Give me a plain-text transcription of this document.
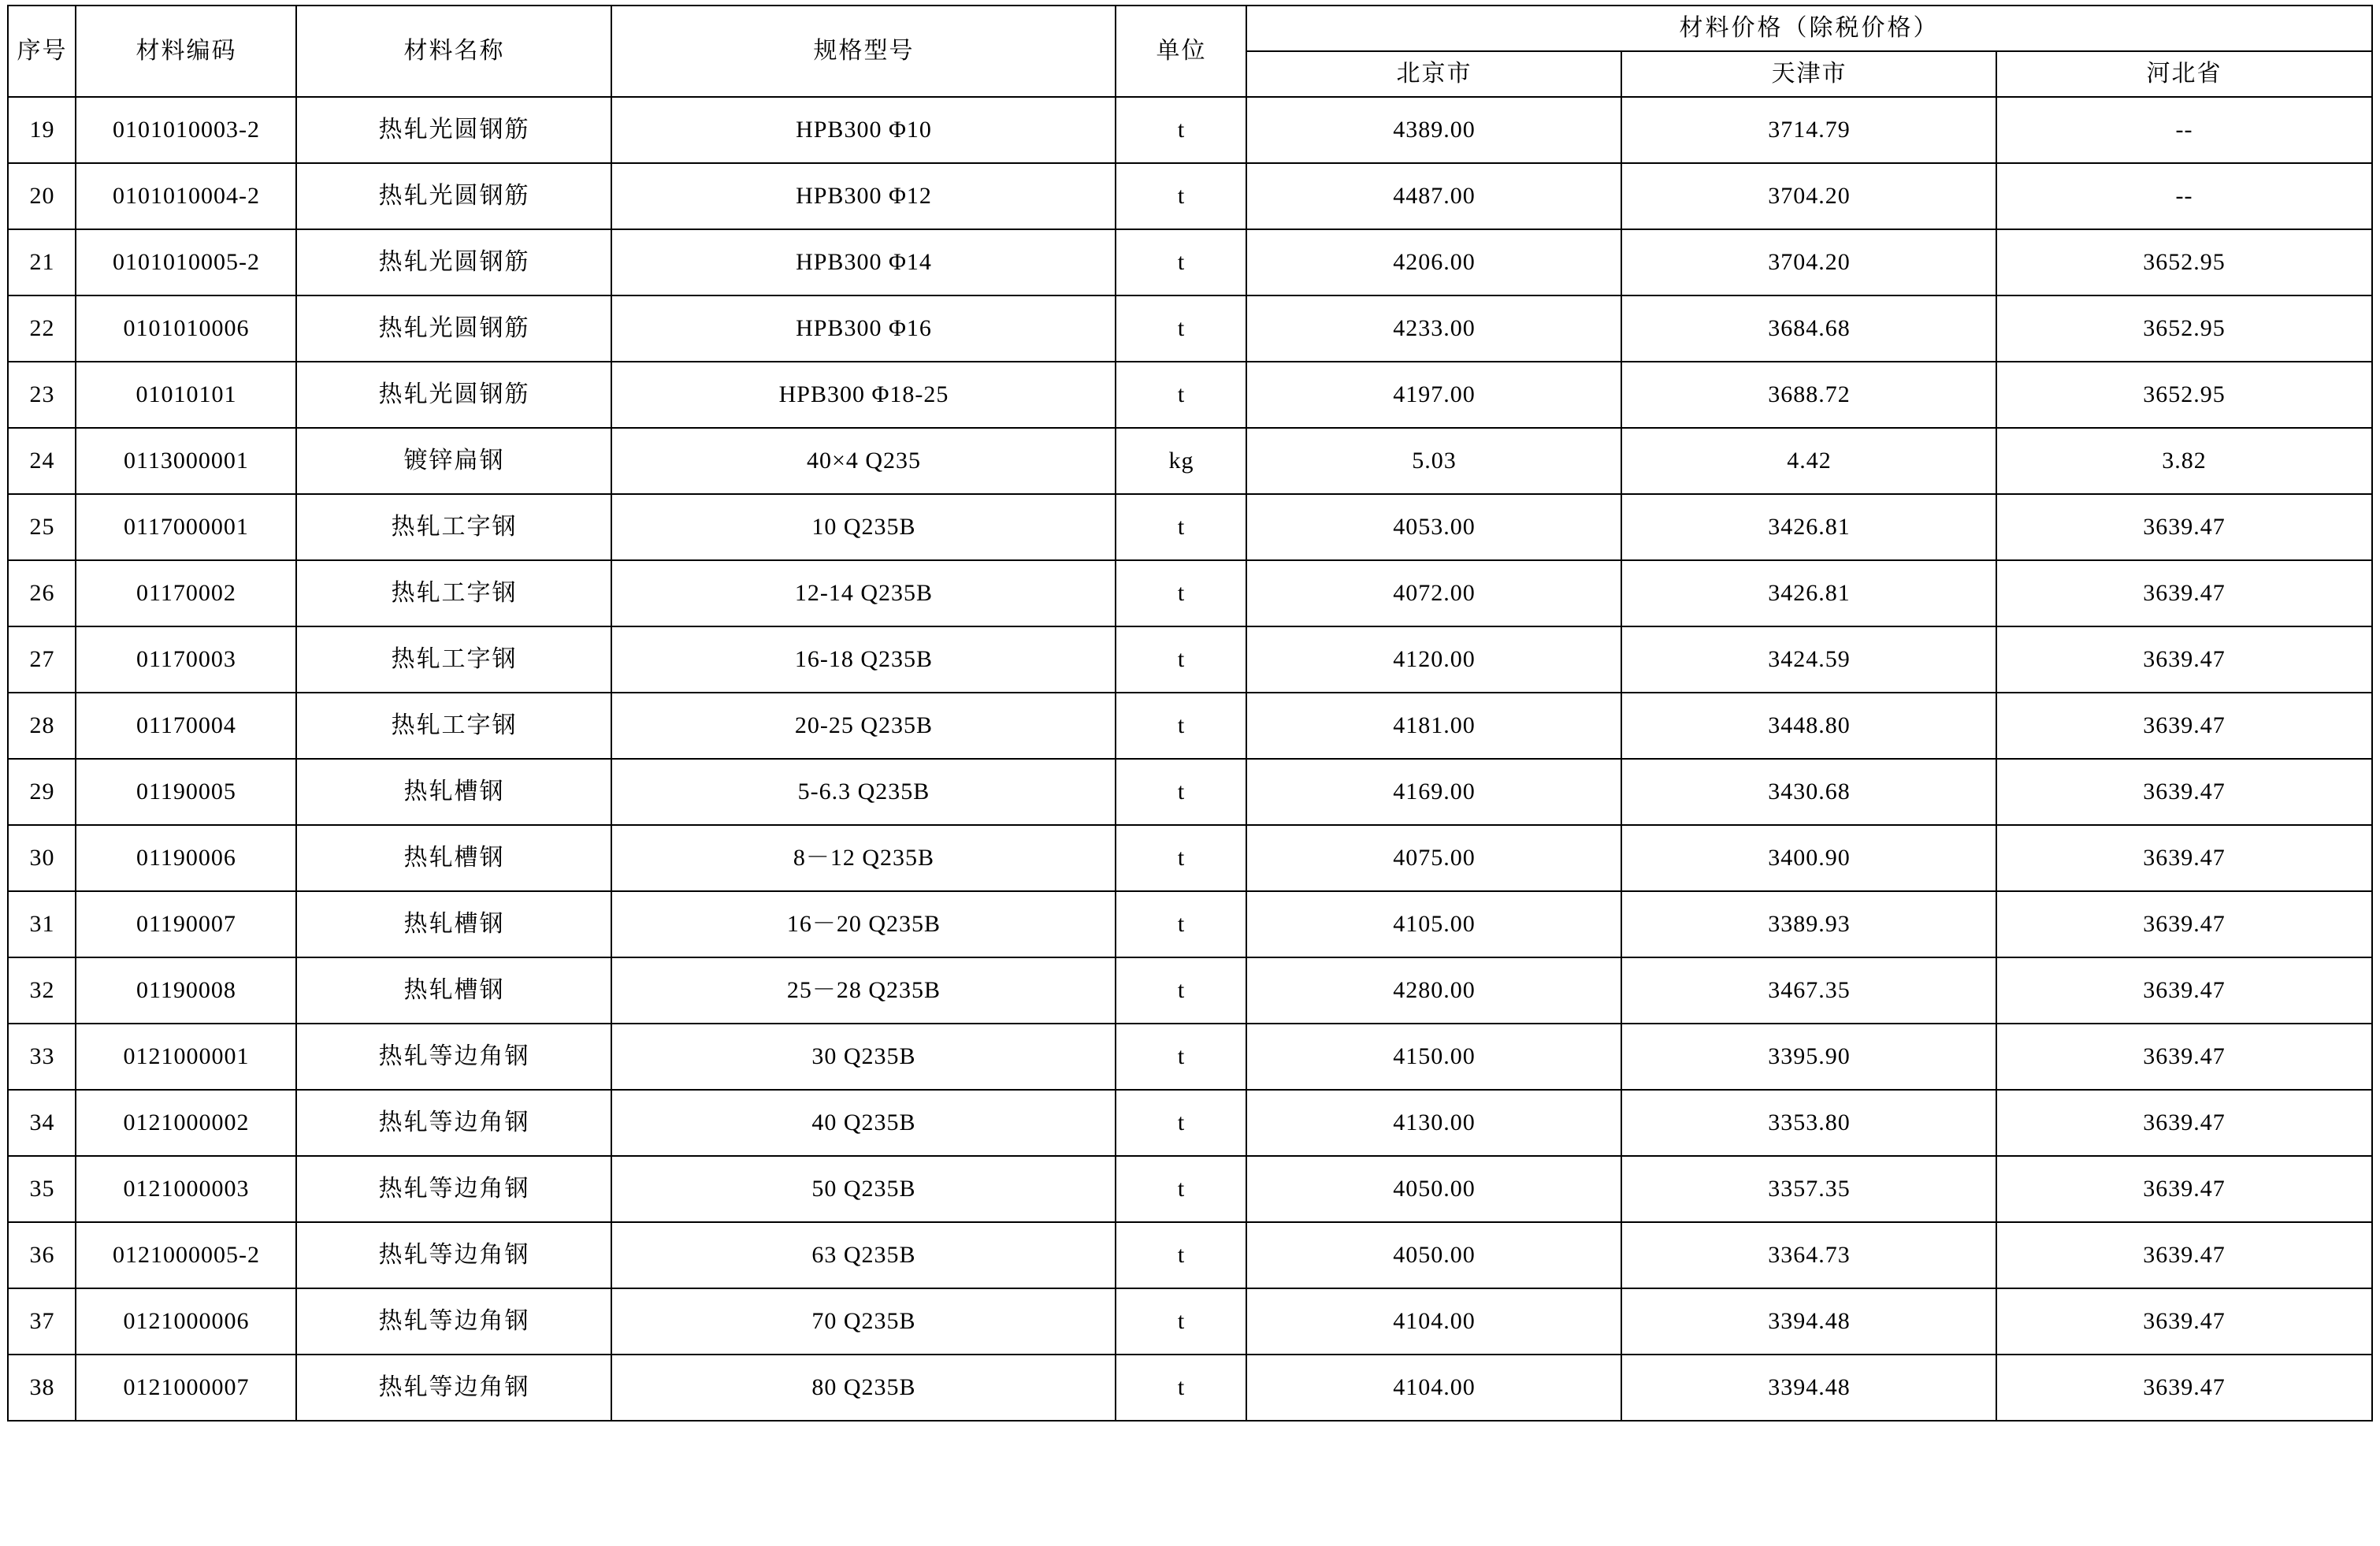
序号	材料编码	材料名称	规格型号	单位	材料价格（除税价格）		
					北京市	天津市	河北省
19	0101010003-2	热轧光圆钢筋	HPB300 Φ10	t	4389.00	3714.79	--
20	0101010004-2	热轧光圆钢筋	HPB300 Φ12	t	4487.00	3704.20	--
21	0101010005-2	热轧光圆钢筋	HPB300 Φ14	t	4206.00	3704.20	3652.95
22	0101010006	热轧光圆钢筋	HPB300 Φ16	t	4233.00	3684.68	3652.95
23	01010101	热轧光圆钢筋	HPB300 Φ18-25	t	4197.00	3688.72	3652.95
24	0113000001	镀锌扁钢	40×4 Q235	kg	5.03	4.42	3.82
25	0117000001	热轧工字钢	10 Q235B	t	4053.00	3426.81	3639.47
26	01170002	热轧工字钢	12-14 Q235B	t	4072.00	3426.81	3639.47
27	01170003	热轧工字钢	16-18 Q235B	t	4120.00	3424.59	3639.47
28	01170004	热轧工字钢	20-25 Q235B	t	4181.00	3448.80	3639.47
29	01190005	热轧槽钢	5-6.3 Q235B	t	4169.00	3430.68	3639.47
30	01190006	热轧槽钢	8－12 Q235B	t	4075.00	3400.90	3639.47
31	01190007	热轧槽钢	16－20 Q235B	t	4105.00	3389.93	3639.47
32	01190008	热轧槽钢	25－28 Q235B	t	4280.00	3467.35	3639.47
33	0121000001	热轧等边角钢	30 Q235B	t	4150.00	3395.90	3639.47
34	0121000002	热轧等边角钢	40 Q235B	t	4130.00	3353.80	3639.47
35	0121000003	热轧等边角钢	50 Q235B	t	4050.00	3357.35	3639.47
36	0121000005-2	热轧等边角钢	63 Q235B	t	4050.00	3364.73	3639.47
37	0121000006	热轧等边角钢	70 Q235B	t	4104.00	3394.48	3639.47
38	0121000007	热轧等边角钢	80 Q235B	t	4104.00	3394.48	3639.47
